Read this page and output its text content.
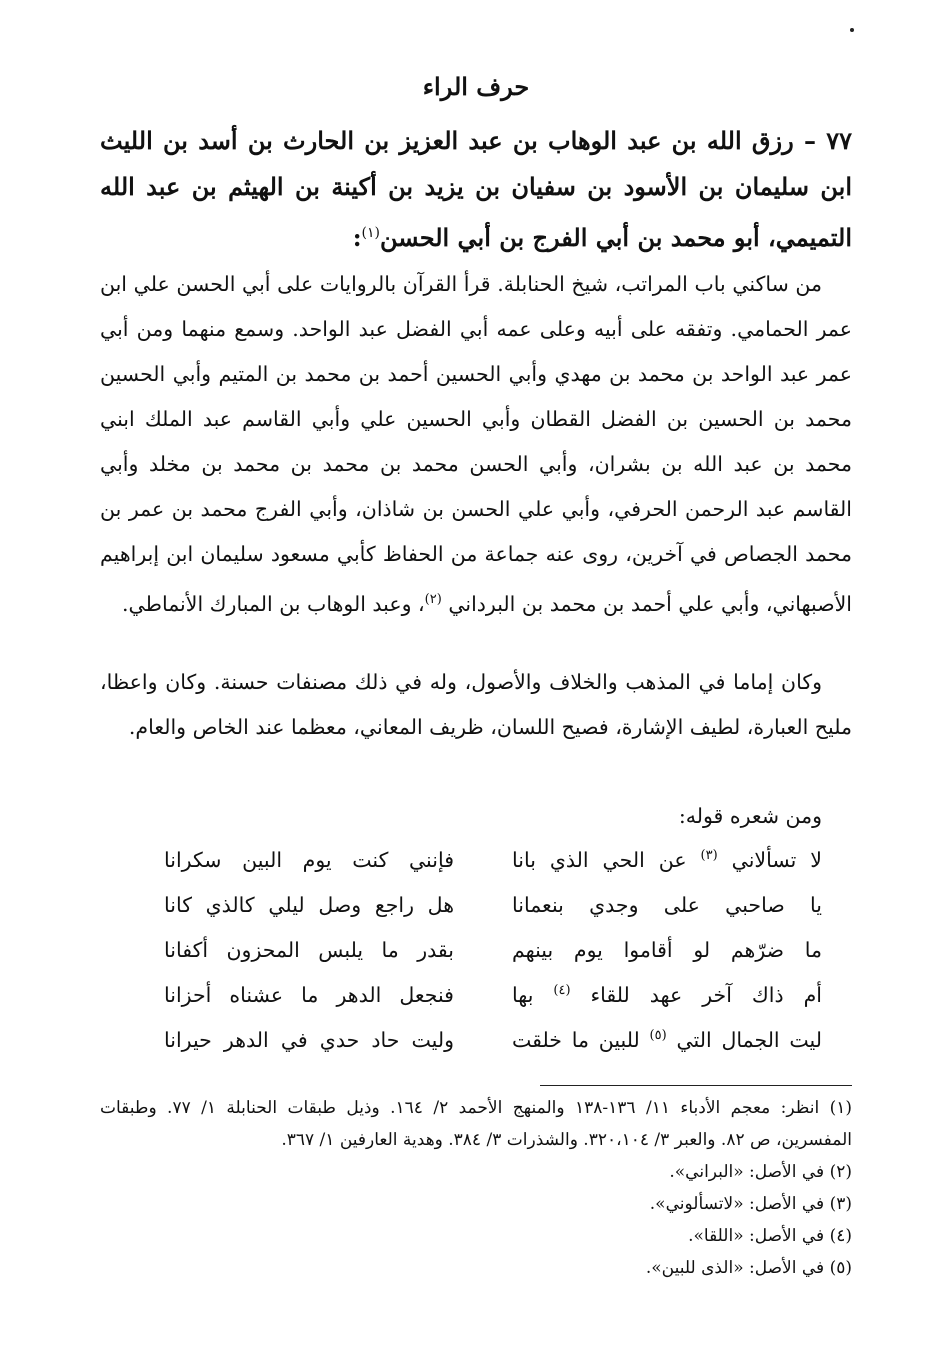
حرف الراء
٧٧ – رزق الله بن عبد الوهاب بن عبد العزيز بن الحارث بن أسد بن الليث ابن سليمان بن الأسود بن سفيان بن يزيد بن أكينة بن الهيثم بن عبد الله التميمي، أبو محمد بن أبي الفرج بن أبي الحسن$^{(١)}$:
من ساكني باب المراتب، شيخ الحنابلة. قرأ القرآن بالروايات على أبي الحسن علي ابن عمر الحمامي. وتفقه على أبيه وعلى عمه أبي الفضل عبد الواحد. وسمع منهما ومن أبي عمر عبد الواحد بن محمد بن مهدي وأبي الحسين أحمد بن محمد بن المتيم وأبي الحسين محمد بن الحسين بن الفضل القطان وأبي الحسين علي وأبي القاسم عبد الملك ابني محمد بن عبد الله بن بشران، وأبي الحسن محمد بن محمد بن محمد بن مخلد وأبي القاسم عبد الرحمن الحرفي، وأبي علي الحسن بن شاذان، وأبي الفرج محمد بن عمر بن محمد الجصاص في آخرين، روى عنه جماعة من الحفاظ كأبي مسعود سليمان ابن إبراهيم الأصبهاني، وأبي علي أحمد بن محمد بن البرداني $^{(٢)}$، وعبد الوهاب بن المبارك الأنماطي.
وكان إماما في المذهب والخلاف والأصول، وله في ذلك مصنفات حسنة. وكان واعظا، مليح العبارة، لطيف الإشارة، فصيح اللسان، ظريف المعاني، معظما عند الخاص والعام.
ومن شعره قوله:
لا تسألاني $^{(٣)}$ عن الحي الذي بانا
فإنني كنت يوم البين سكرانا
يا صاحبي على وجدي بنعمانا
هل راجع وصل ليلي كالذي كانا
ما ضرّهم لو أقاموا يوم بينهم
بقدر ما يلبس المحزون أكفانا
أم ذاك آخر عهد للقاء $^{(٤)}$ بها
فنجعل الدهر ما عشناه أحزانا
ليت الجمال التي $^{(٥)}$ للبين ما خلقت
وليت حاد حدي في الدهر حيرانا

(١) انظر: معجم الأدباء ١١/ ١٣٦-١٣٨ والمنهج الأحمد ٢/ ١٦٤. وذيل طبقات الحنابلة ١/ ٧٧. وطبقات المفسرين، ص ٨٢. والعبر ٣/ ٣٢٠،١٠٤. والشذرات ٣/ ٣٨٤. وهدية العارفين ١/ ٣٦٧.

(٢) في الأصل: «البراني».

(٣) في الأصل: «لاتسألوني».

(٤) في الأصل: «اللقا».

(٥) في الأصل: «الذى للبين».
